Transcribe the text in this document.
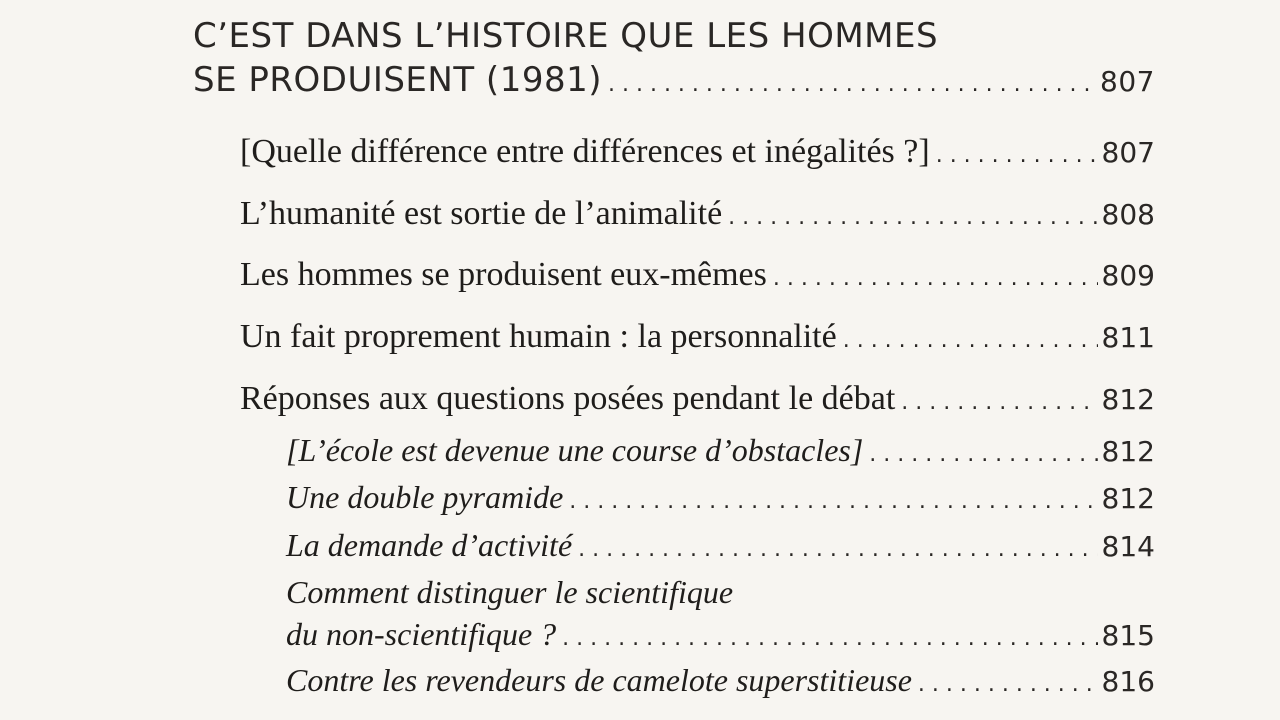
C’EST DANS L’HISTOIRE QUE LES HOMMES
SE PRODUISENT (1981) . . .	807
[Quelle différence entre différences et inégalités ?] . . .	807
L’humanité est sortie de l’animalité . . .	808
Les hommes se produisent eux-mêmes . . .	809
Un fait proprement humain : la personnalité . . .	811
Réponses aux questions posées pendant le débat . . .	812
[L’école est devenue une course d’obstacles] . . .	812
Une double pyramide . . .	812
La demande d’activité . . .	814
Comment distinguer le scientifique
du non-scientifique ? . . .	815
Contre les revendeurs de camelote superstitieuse . . .	816
